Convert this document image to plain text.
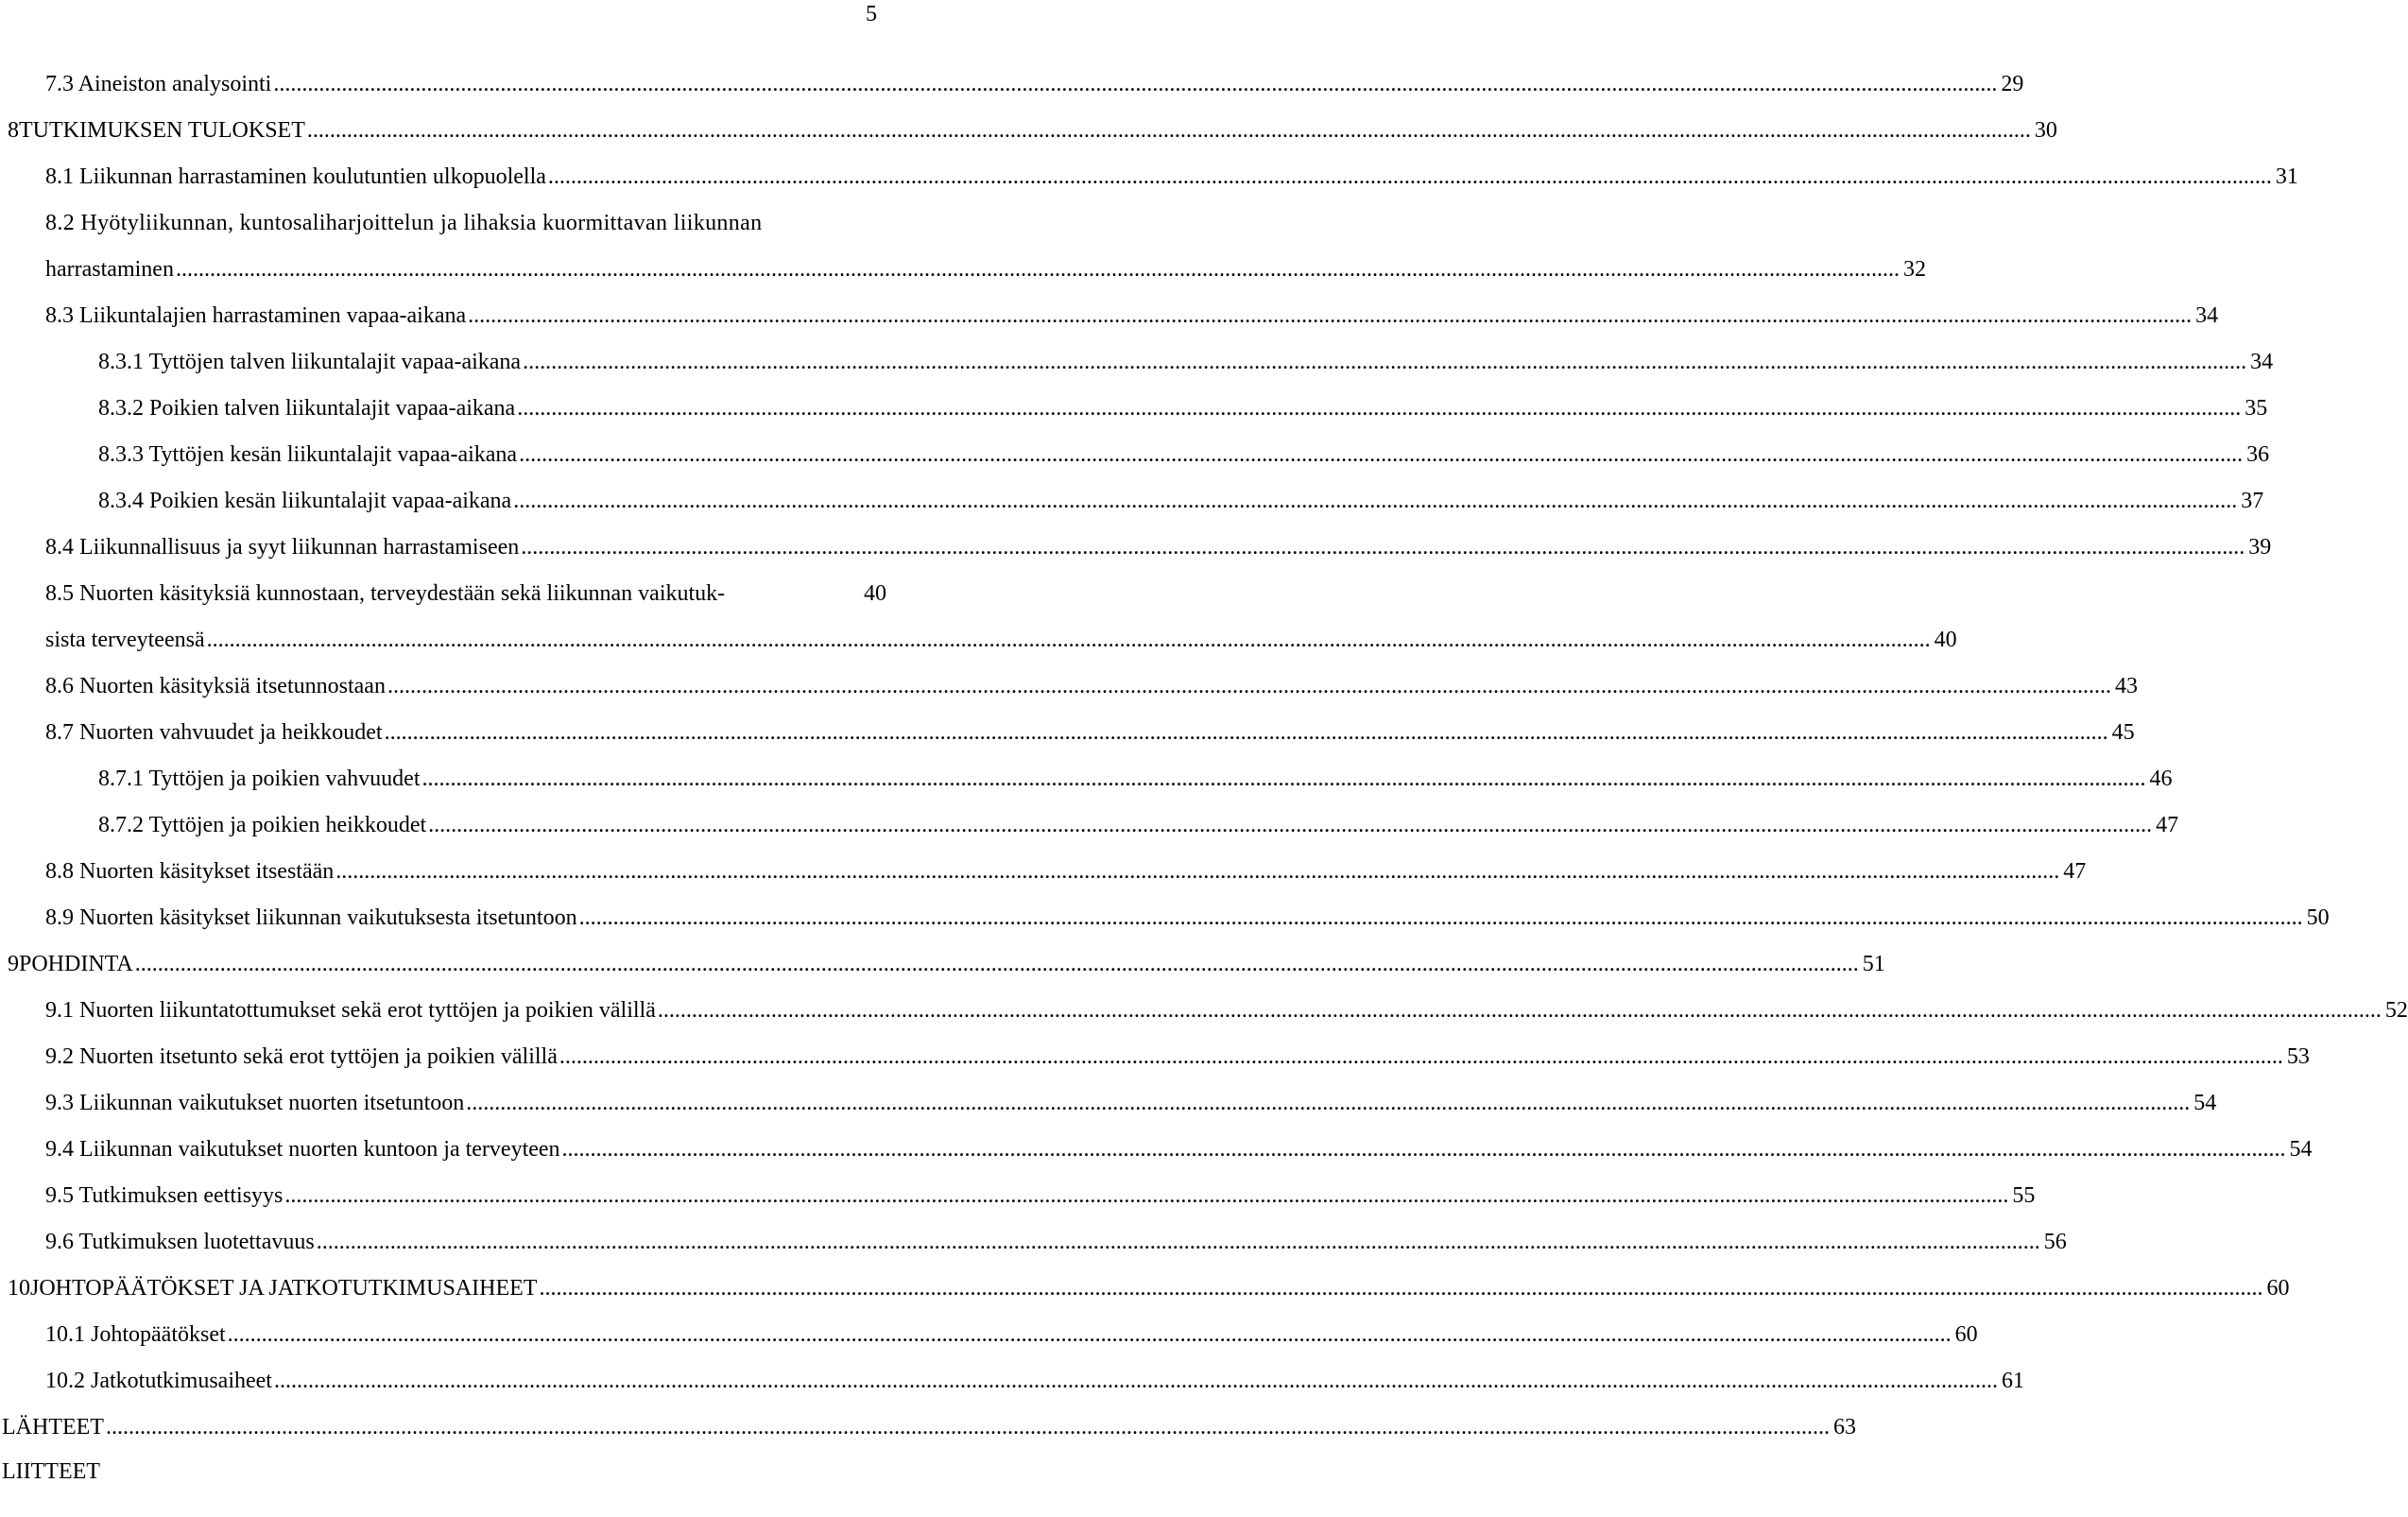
5
7.3 Aineiston analysointi .....	29
8 TUTKIMUKSEN TULOKSET .....	30
8.1 Liikunnan harrastaminen koulutuntien ulkopuolella .....	31
8.2 Hyötyliikunnan, kuntosaliharjoittelun ja lihaksia kuormittavan liikunnan
harrastaminen .....	32
8.3 Liikuntalajien harrastaminen vapaa-aikana .....	34
8.3.1 Tyttöjen talven liikuntalajit vapaa-aikana .....	34
8.3.2 Poikien talven liikuntalajit vapaa-aikana .....	35
8.3.3 Tyttöjen kesän liikuntalajit vapaa-aikana .....	36
8.3.4 Poikien kesän liikuntalajit vapaa-aikana .....	37
8.4 Liikunnallisuus ja syyt liikunnan harrastamiseen .....	39
8.5 Nuorten käsityksiä kunnostaan, terveydestään sekä liikunnan vaikutuk-	40
sista terveyteensä .....	40
8.6 Nuorten käsityksiä itsetunnostaan .....	43
8.7 Nuorten vahvuudet ja heikkoudet .....	45
8.7.1 Tyttöjen ja poikien vahvuudet .....	46
8.7.2 Tyttöjen ja poikien heikkoudet .....	47
8.8 Nuorten käsitykset itsestään .....	47
8.9 Nuorten käsitykset liikunnan vaikutuksesta itsetuntoon .....	50
9 POHDINTA .....	51
9.1 Nuorten liikuntatottumukset sekä erot tyttöjen ja poikien välillä .....	52
9.2 Nuorten itsetunto sekä erot tyttöjen ja poikien välillä .....	53
9.3 Liikunnan vaikutukset nuorten itsetuntoon .....	54
9.4 Liikunnan vaikutukset nuorten kuntoon ja terveyteen .....	54
9.5 Tutkimuksen eettisyys .....	55
9.6 Tutkimuksen luotettavuus .....	56
10 JOHTOPÄÄTÖKSET JA JATKOTUTKIMUSAIHEET .....	60
10.1 Johtopäätökset .....	60
10.2 Jatkotutkimusaiheet .....	61
LÄHTEET .....	63
LIITTEET
